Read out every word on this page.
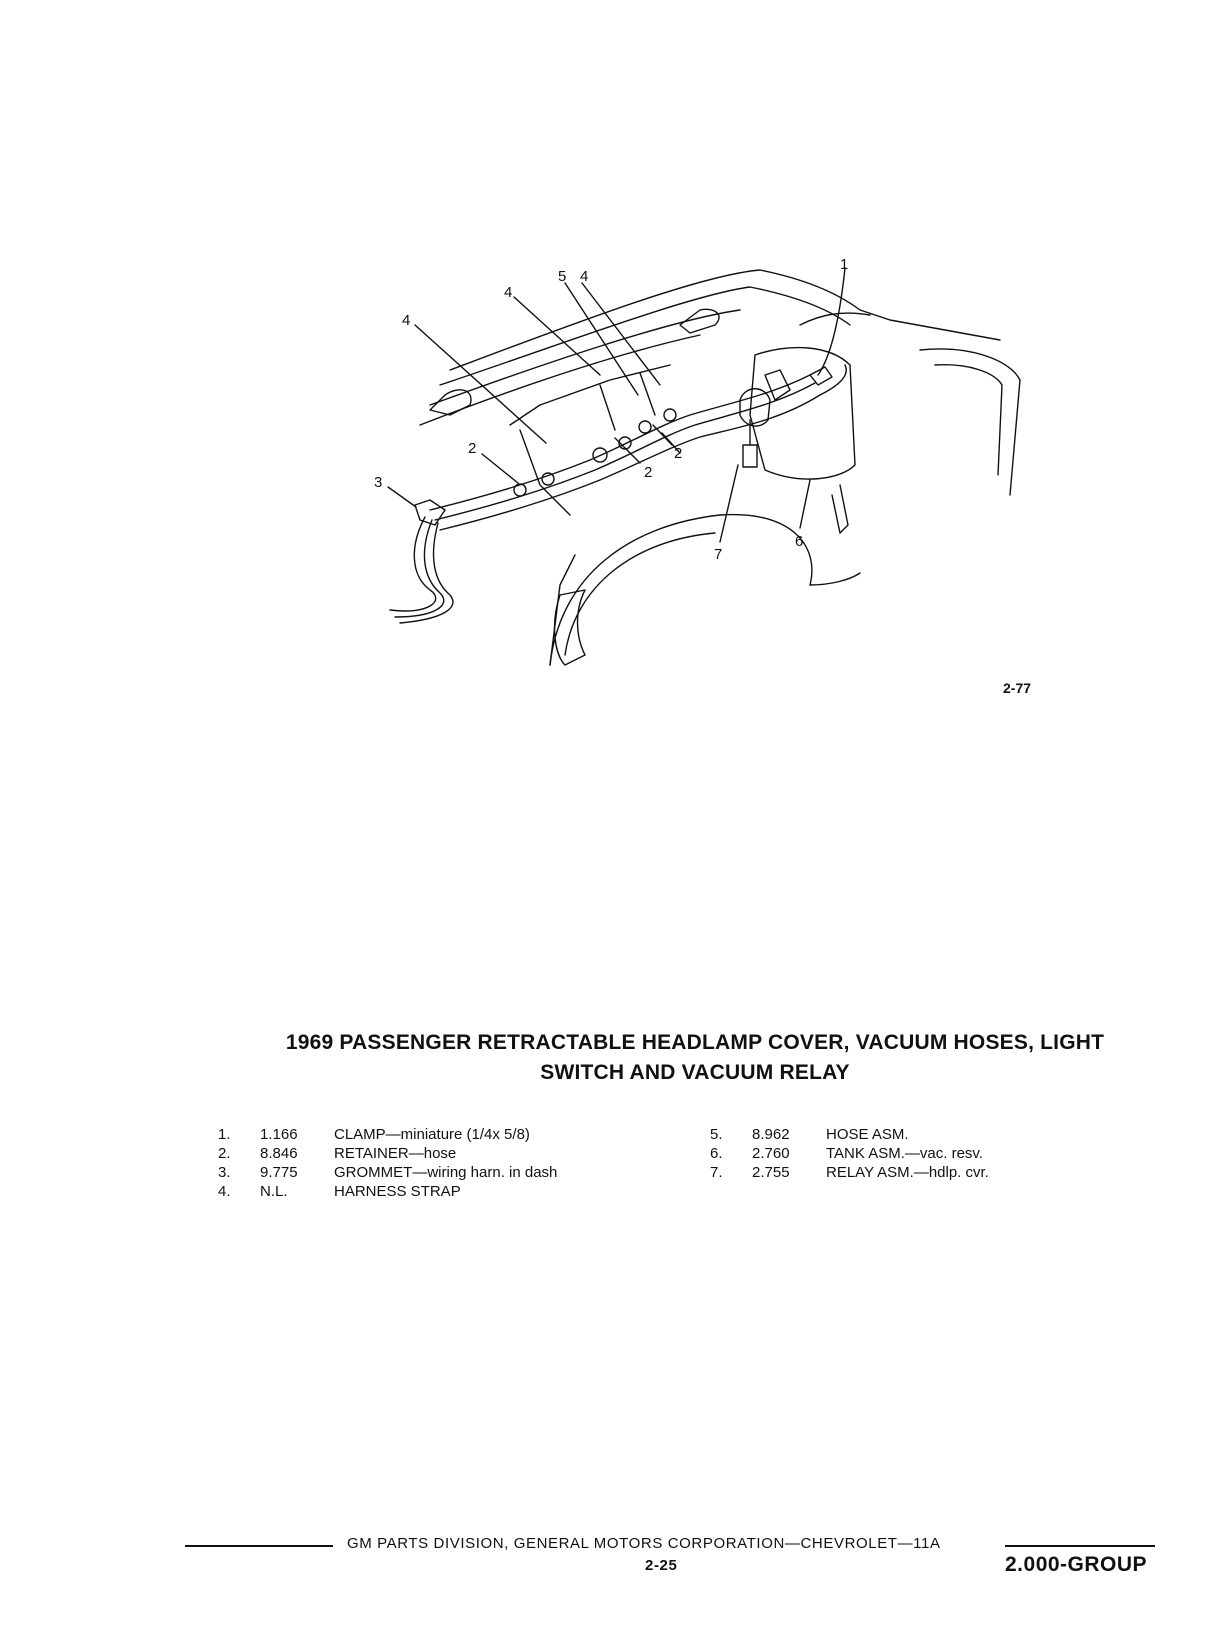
1
2
2
2
3
4
4
4
5
6
7
2-77
1969 PASSENGER RETRACTABLE HEADLAMP COVER, VACUUM HOSES, LIGHT
SWITCH AND VACUUM RELAY
1.	1.166	CLAMP—miniature (1/4x 5/8)
2.	8.846	RETAINER—hose
3.	9.775	GROMMET—wiring harn. in dash
4.	N.L.	HARNESS STRAP
5.	8.962	HOSE ASM.
6.	2.760	TANK ASM.—vac. resv.
7.	2.755	RELAY ASM.—hdlp. cvr.
GM PARTS DIVISION, GENERAL MOTORS CORPORATION—CHEVROLET—11A
2-25	2.000-GROUP
